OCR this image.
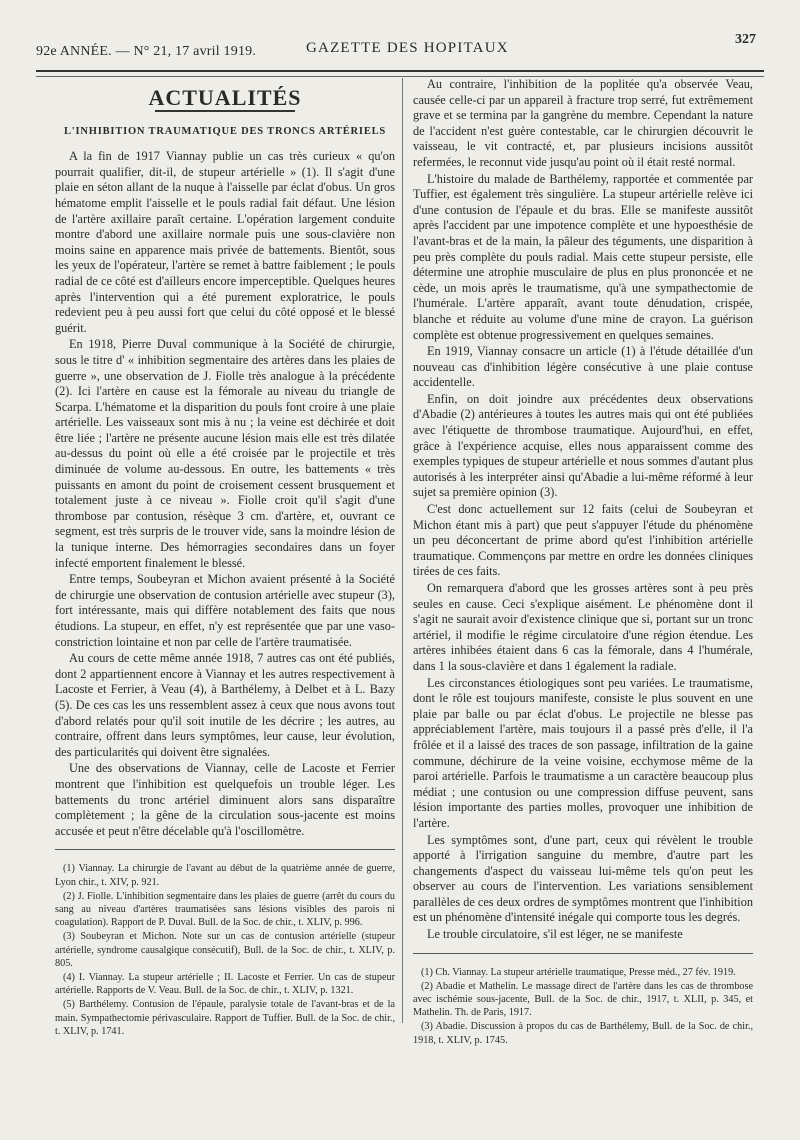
92e ANNÉE. — N° 21, 17 avril 1919.	GAZETTE DES HOPITAUX
327
ACTUALITÉS
L'INHIBITION TRAUMATIQUE DES TRONCS ARTÉRIELS

A la fin de 1917 Viannay publie un cas très curieux « qu'on pourrait qualifier, dit-il, de stupeur artérielle » (1). Il s'agit d'une plaie en séton allant de la nuque à l'aisselle par éclat d'obus. Un gros hématome emplit l'aisselle et le pouls radial fait défaut. Une lésion de l'artère axillaire paraît certaine. L'opération largement conduite montre d'abord une axillaire normale puis une sous-clavière non moins saine en apparence mais privée de battements. Bientôt, sous les yeux de l'opérateur, l'artère se remet à battre faiblement ; le pouls radial de ce côté est d'ailleurs encore imperceptible. Quelques heures après l'intervention qui a été purement exploratrice, le pouls redevient peu à peu aussi fort que celui du côté opposé et le blessé guérit.

En 1918, Pierre Duval communique à la Société de chirurgie, sous le titre d' « inhibition segmentaire des artères dans les plaies de guerre », une observation de J. Fiolle très analogue à la précédente (2). Ici l'artère en cause est la fémorale au niveau du triangle de Scarpa. L'hématome et la disparition du pouls font croire à une plaie artérielle. Les vaisseaux sont mis à nu ; la veine est déchirée et doit être liée ; l'artère ne présente aucune lésion mais elle est très dilatée au-dessus du point où elle a été croisée par le projectile et très diminuée de volume au-dessous. En outre, les battements « très puissants en amont du point de croisement cessent brusquement et totalement juste à ce niveau ». Fiolle croit qu'il s'agit d'une thrombose par contusion, résèque 3 cm. d'artère, et, ouvrant ce segment, est très surpris de le trouver vide, sans la moindre lésion de la tunique interne. Des hémorragies secondaires dans un foyer infecté emportent finalement le blessé.

Entre temps, Soubeyran et Michon avaient présenté à la Société de chirurgie une observation de contusion artérielle avec stupeur (3), fort intéressante, mais qui diffère notablement des faits que nous étudions. La stupeur, en effet, n'y est représentée que par une vaso-constriction lointaine et non par celle de l'artère traumatisée.

Au cours de cette même année 1918, 7 autres cas ont été publiés, dont 2 appartiennent encore à Viannay et les autres respectivement à Lacoste et Ferrier, à Veau (4), à Barthélemy, à Delbet et à L. Bazy (5). De ces cas les uns ressemblent assez à ceux que nous avons tout d'abord relatés pour qu'il soit inutile de les décrire ; les autres, au contraire, offrent dans leurs symptômes, leur cause, leur évolution, des particularités qui doivent être signalées.

Une des observations de Viannay, celle de Lacoste et Ferrier montrent que l'inhibition est quelquefois un trouble léger. Les battements du tronc artériel diminuent alors sans disparaître complètement ; la gêne de la circulation sous-jacente est moins accusée et peut n'être décelable qu'à l'oscillomètre.

(1) Viannay. La chirurgie de l'avant au début de la quatrième année de guerre, Lyon chir., t. XIV, p. 921.

(2) J. Fiolle. L'inhibition segmentaire dans les plaies de guerre (arrêt du cours du sang au niveau d'artères traumatisées sans lésions visibles des parois ni coagulation). Rapport de P. Duval. Bull. de la Soc. de chir., t. XLIV, p. 996.

(3) Soubeyran et Michon. Note sur un cas de contusion artérielle (stupeur artérielle, syndrome causalgique consécutif), Bull. de la Soc. de chir., t. XLIV, p. 805.

(4) I. Viannay. La stupeur artérielle ; II. Lacoste et Ferrier. Un cas de stupeur artérielle. Rapports de V. Veau. Bull. de la Soc. de chir., t. XLIV, p. 1321.

(5) Barthélemy. Contusion de l'épaule, paralysie totale de l'avant-bras et de la main. Sympathectomie périvasculaire. Rapport de Tuffier. Bull. de la Soc. de chir., t. XLIV, p. 1741.

Au contraire, l'inhibition de la poplitée qu'a observée Veau, causée celle-ci par un appareil à fracture trop serré, fut extrêmement grave et se termina par la gangrène du membre. Cependant la nature de l'accident n'est guère contestable, car le chirurgien découvrit le vaisseau, le vit contracté, et, par plusieurs incisions aussitôt refermées, le reconnut vide jusqu'au point où il était resté normal.

L'histoire du malade de Barthélemy, rapportée et commentée par Tuffier, est également très singulière. La stupeur artérielle relève ici d'une contusion de l'épaule et du bras. Elle se manifeste aussitôt après l'accident par une impotence complète et une hypoesthésie de l'avant-bras et de la main, la pâleur des téguments, une disparition à peu près complète du pouls radial. Mais cette stupeur persiste, elle détermine une atrophie musculaire de plus en plus prononcée et ne cède, un mois après le traumatisme, qu'à une sympathectomie de l'humérale. L'artère apparaît, avant toute dénudation, crispée, blanche et réduite au volume d'une mine de crayon. La guérison complète est obtenue progressivement en quelques semaines.

En 1919, Viannay consacre un article (1) à l'étude détaillée d'un nouveau cas d'inhibition légère consécutive à une plaie contuse accidentelle.

Enfin, on doit joindre aux précédentes deux observations d'Abadie (2) antérieures à toutes les autres mais qui ont été publiées avec l'étiquette de thrombose traumatique. Aujourd'hui, en effet, grâce à l'expérience acquise, elles nous apparaissent comme des exemples typiques de stupeur artérielle et nous sommes d'autant plus autorisés à les interpréter ainsi qu'Abadie a lui-même réformé à leur sujet sa première opinion (3).

C'est donc actuellement sur 12 faits (celui de Soubeyran et Michon étant mis à part) que peut s'appuyer l'étude du phénomène un peu déconcertant de prime abord qu'est l'inhibition artérielle traumatique. Commençons par mettre en ordre les données cliniques tirées de ces faits.

On remarquera d'abord que les grosses artères sont à peu près seules en cause. Ceci s'explique aisément. Le phénomène dont il s'agit ne saurait avoir d'existence clinique que si, portant sur un tronc artériel, il modifie le régime circulatoire d'une région étendue. Les artères inhibées étaient dans 6 cas la fémorale, dans 4 l'humérale, dans 1 la sous-clavière et dans 1 également la radiale.

Les circonstances étiologiques sont peu variées. Le traumatisme, dont le rôle est toujours manifeste, consiste le plus souvent en une plaie par balle ou par éclat d'obus. Le projectile ne blesse pas appréciablement l'artère, mais toujours il a passé près d'elle, il l'a frôlée et il a laissé des traces de son passage, infiltration de la gaine commune, déchirure de la veine voisine, ecchymose même de la paroi artérielle. Parfois le traumatisme a un caractère beaucoup plus médiat ; une contusion ou une compression diffuse peuvent, sans lésion importante des parties molles, provoquer une inhibition de l'artère.

Les symptômes sont, d'une part, ceux qui révèlent le trouble apporté à l'irrigation sanguine du membre, d'autre part les changements d'aspect du vaisseau lui-même tels qu'on peut les observer au cours de l'intervention. Les variations sensiblement parallèles de ces deux ordres de symptômes montrent que l'inhibition est un phénomène d'intensité inégale qui comporte tous les degrés.

Le trouble circulatoire, s'il est léger, ne se manifeste

(1) Ch. Viannay. La stupeur artérielle traumatique, Presse méd., 27 fév. 1919.

(2) Abadie et Mathelin. Le massage direct de l'artère dans les cas de thrombose avec ischémie sous-jacente, Bull. de la Soc. de chir., 1917, t. XLII, p. 345, et Mathelin. Th. de Paris, 1917.

(3) Abadie. Discussion à propos du cas de Barthélemy, Bull. de la Soc. de chir., 1918, t. XLIV, p. 1745.
